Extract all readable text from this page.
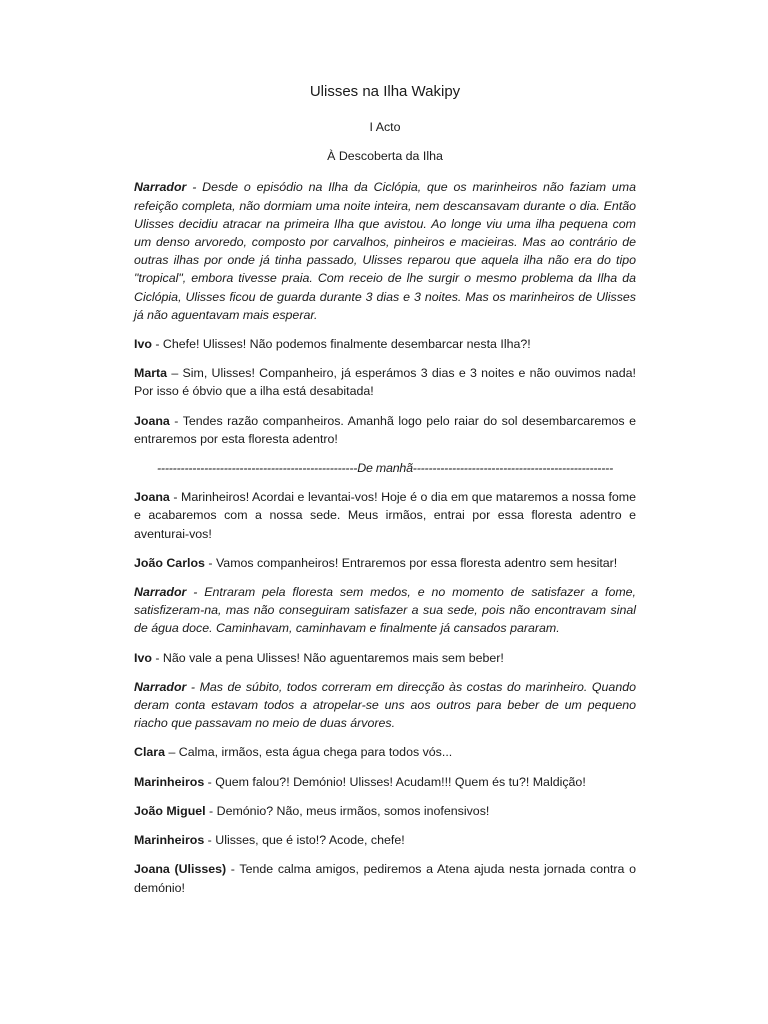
Ulisses na Ilha Wakipy
I Acto
À Descoberta da Ilha

Narrador - Desde o episódio na Ilha da Ciclópia, que os marinheiros não faziam uma refeição completa, não dormiam uma noite inteira, nem descansavam durante o dia. Então Ulisses decidiu atracar na primeira Ilha que avistou. Ao longe viu uma ilha pequena com um denso arvoredo, composto por carvalhos, pinheiros e macieiras. Mas ao contrário de outras ilhas por onde já tinha passado, Ulisses reparou que aquela ilha não era do tipo "tropical", embora tivesse praia. Com receio de lhe surgir o mesmo problema da Ilha da Ciclópia, Ulisses ficou de guarda durante 3 dias e 3 noites. Mas os marinheiros de Ulisses já não aguentavam mais esperar.

Ivo - Chefe! Ulisses! Não podemos finalmente desembarcar nesta Ilha?!

Marta – Sim, Ulisses! Companheiro, já esperámos 3 dias e 3 noites e não ouvimos nada! Por isso é óbvio que a ilha está desabitada!

Joana - Tendes razão companheiros. Amanhã logo pelo raiar do sol desembarcaremos e entraremos por esta floresta adentro!

---------------------------------------------------De manhã---------------------------------------------------

Joana - Marinheiros! Acordai e levantai-vos! Hoje é o dia em que mataremos a nossa fome e acabaremos com a nossa sede. Meus irmãos, entrai por essa floresta adentro e aventurai-vos!

João Carlos - Vamos companheiros! Entraremos por essa floresta adentro sem hesitar!

Narrador - Entraram pela floresta sem medos, e no momento de satisfazer a fome, satisfizeram-na, mas não conseguiram satisfazer a sua sede, pois não encontravam sinal de água doce. Caminhavam, caminhavam e finalmente já cansados pararam.

Ivo - Não vale a pena Ulisses! Não aguentaremos mais sem beber!

Narrador - Mas de súbito, todos correram em direcção às costas do marinheiro. Quando deram conta estavam todos a atropelar-se uns aos outros para beber de um pequeno riacho que passavam no meio de duas árvores.

Clara – Calma, irmãos, esta água chega para todos vós...

Marinheiros - Quem falou?! Demónio! Ulisses! Acudam!!! Quem és tu?! Maldição!

João Miguel - Demónio? Não, meus irmãos, somos inofensivos!

Marinheiros - Ulisses, que é isto!? Acode, chefe!

Joana (Ulisses) - Tende calma amigos, pediremos a Atena ajuda nesta jornada contra o demónio!
